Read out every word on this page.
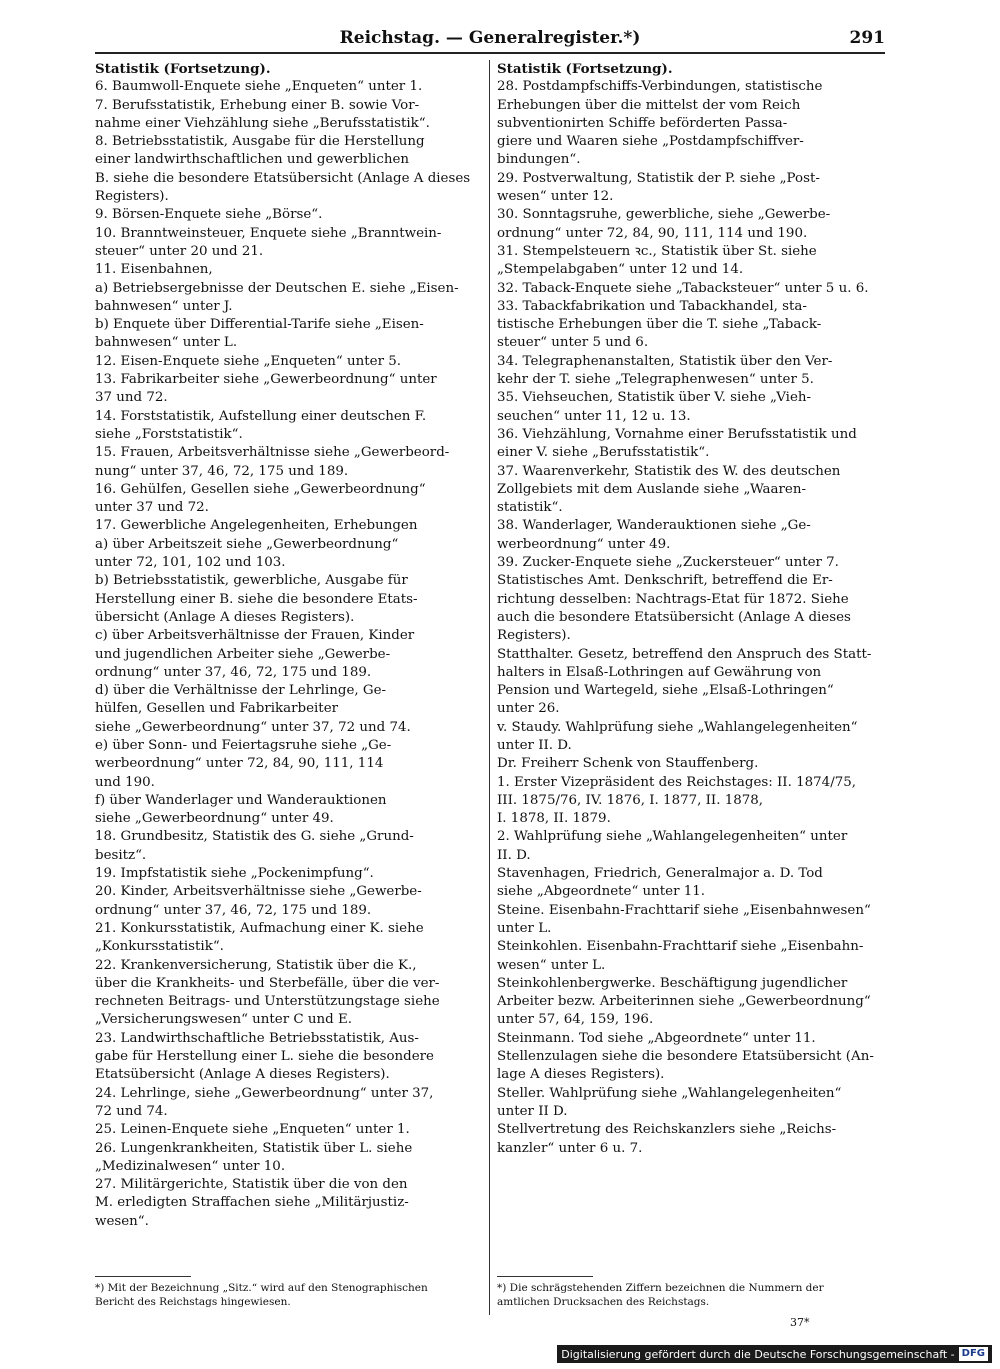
Reichstag. — Generalregister.*)	291
Statistik (Fortsetzung).
6. Baumwoll-Enquete siehe „Enqueten“ unter 1.
7. Berufsstatistik, Erhebung einer B. sowie Vor-
nahme einer Viehzählung siehe „Berufsstatistik“.
8. Betriebsstatistik, Ausgabe für die Herstellung
einer landwirthschaftlichen und gewerblichen
B. siehe die besondere Etatsübersicht (Anlage A dieses
Registers).
9. Börsen-Enquete siehe „Börse“.
10. Branntweinsteuer, Enquete siehe „Branntwein-
steuer“ unter 20 und 21.
11. Eisenbahnen,
a) Betriebsergebnisse der Deutschen E. siehe „Eisen-
bahnwesen“ unter J.
b) Enquete über Differential-Tarife siehe „Eisen-
bahnwesen“ unter L.
12. Eisen-Enquete siehe „Enqueten“ unter 5.
13. Fabrikarbeiter siehe „Gewerbeordnung“ unter
37 und 72.
14. Forststatistik, Aufstellung einer deutschen F.
siehe „Forststatistik“.
15. Frauen, Arbeitsverhältnisse siehe „Gewerbeord-
nung“ unter 37, 46, 72, 175 und 189.
16. Gehülfen, Gesellen siehe „Gewerbeordnung“
unter 37 und 72.
17. Gewerbliche Angelegenheiten, Erhebungen
a) über Arbeitszeit siehe „Gewerbeordnung“
unter 72, 101, 102 und 103.
b) Betriebsstatistik, gewerbliche, Ausgabe für
Herstellung einer B. siehe die besondere Etats-
übersicht (Anlage A dieses Registers).
c) über Arbeitsverhältnisse der Frauen, Kinder
und jugendlichen Arbeiter siehe „Gewerbe-
ordnung“ unter 37, 46, 72, 175 und 189.
d) über die Verhältnisse der Lehrlinge, Ge-
hülfen, Gesellen und Fabrikarbeiter
siehe „Gewerbeordnung“ unter 37, 72 und 74.
e) über Sonn- und Feiertagsruhe siehe „Ge-
werbeordnung“ unter 72, 84, 90, 111, 114
und 190.
f) über Wanderlager und Wanderauktionen
siehe „Gewerbeordnung“ unter 49.
18. Grundbesitz, Statistik des G. siehe „Grund-
besitz“.
19. Impfstatistik siehe „Pockenimpfung“.
20. Kinder, Arbeitsverhältnisse siehe „Gewerbe-
ordnung“ unter 37, 46, 72, 175 und 189.
21. Konkursstatistik, Aufmachung einer K. siehe
„Konkursstatistik“.
22. Krankenversicherung, Statistik über die K.,
über die Krankheits- und Sterbefälle, über die ver-
rechneten Beitrags- und Unterstützungstage siehe
„Versicherungswesen“ unter C und E.
23. Landwirthschaftliche Betriebsstatistik, Aus-
gabe für Herstellung einer L. siehe die besondere
Etatsübersicht (Anlage A dieses Registers).
24. Lehrlinge, siehe „Gewerbeordnung“ unter 37,
72 und 74.
25. Leinen-Enquete siehe „Enqueten“ unter 1.
26. Lungenkrankheiten, Statistik über L. siehe
„Medizinalwesen“ unter 10.
27. Militärgerichte, Statistik über die von den
M. erledigten Straffachen siehe „Militärjustiz-
wesen“.
Statistik (Fortsetzung).
28. Postdampfschiffs-Verbindungen, statistische
Erhebungen über die mittelst der vom Reich
subventionirten Schiffe beförderten Passa-
giere und Waaren siehe „Postdampfschiffver-
bindungen“.
29. Postverwaltung, Statistik der P. siehe „Post-
wesen“ unter 12.
30. Sonntagsruhe, gewerbliche, siehe „Gewerbe-
ordnung“ unter 72, 84, 90, 111, 114 und 190.
31. Stempelsteuern ꝛc., Statistik über St. siehe
„Stempelabgaben“ unter 12 und 14.
32. Taback-Enquete siehe „Tabacksteuer“ unter 5 u. 6.
33. Tabackfabrikation und Tabackhandel, sta-
tistische Erhebungen über die T. siehe „Taback-
steuer“ unter 5 und 6.
34. Telegraphenanstalten, Statistik über den Ver-
kehr der T. siehe „Telegraphenwesen“ unter 5.
35. Viehseuchen, Statistik über V. siehe „Vieh-
seuchen“ unter 11, 12 u. 13.
36. Viehzählung, Vornahme einer Berufsstatistik und
einer V. siehe „Berufsstatistik“.
37. Waarenverkehr, Statistik des W. des deutschen
Zollgebiets mit dem Auslande siehe „Waaren-
statistik“.
38. Wanderlager, Wanderauktionen siehe „Ge-
werbeordnung“ unter 49.
39. Zucker-Enquete siehe „Zuckersteuer“ unter 7.
Statistisches Amt. Denkschrift, betreffend die Er-
richtung desselben: Nachtrags-Etat für 1872. Siehe
auch die besondere Etatsübersicht (Anlage A dieses
Registers).
Statthalter. Gesetz, betreffend den Anspruch des Statt-
halters in Elsaß-Lothringen auf Gewährung von
Pension und Wartegeld, siehe „Elsaß-Lothringen“
unter 26.
v. Staudy. Wahlprüfung siehe „Wahlangelegenheiten“
unter II. D.
Dr. Freiherr Schenk von Stauffenberg.
1. Erster Vizepräsident des Reichstages: II. 1874/75,
III. 1875/76, IV. 1876, I. 1877, II. 1878,
I. 1878, II. 1879.
2. Wahlprüfung siehe „Wahlangelegenheiten“ unter
II. D.
Stavenhagen, Friedrich, Generalmajor a. D. Tod
siehe „Abgeordnete“ unter 11.
Steine. Eisenbahn-Frachttarif siehe „Eisenbahnwesen“
unter L.
Steinkohlen. Eisenbahn-Frachttarif siehe „Eisenbahn-
wesen“ unter L.
Steinkohlenbergwerke. Beschäftigung jugendlicher
Arbeiter bezw. Arbeiterinnen siehe „Gewerbeordnung“
unter 57, 64, 159, 196.
Steinmann. Tod siehe „Abgeordnete“ unter 11.
Stellenzulagen siehe die besondere Etatsübersicht (An-
lage A dieses Registers).
Steller. Wahlprüfung siehe „Wahlangelegenheiten“
unter II D.
Stellvertretung des Reichskanzlers siehe „Reichs-
kanzler“ unter 6 u. 7.
*) Mit der Bezeichnung „Sitz.“ wird auf den Stenographischen
Bericht des Reichstags hingewiesen.
*) Die schrägstehenden Ziffern bezeichnen die Nummern der
amtlichen Drucksachen des Reichstags.
37*
Digitalisierung gefördert durch die Deutsche Forschungsgemeinschaft - DFG
